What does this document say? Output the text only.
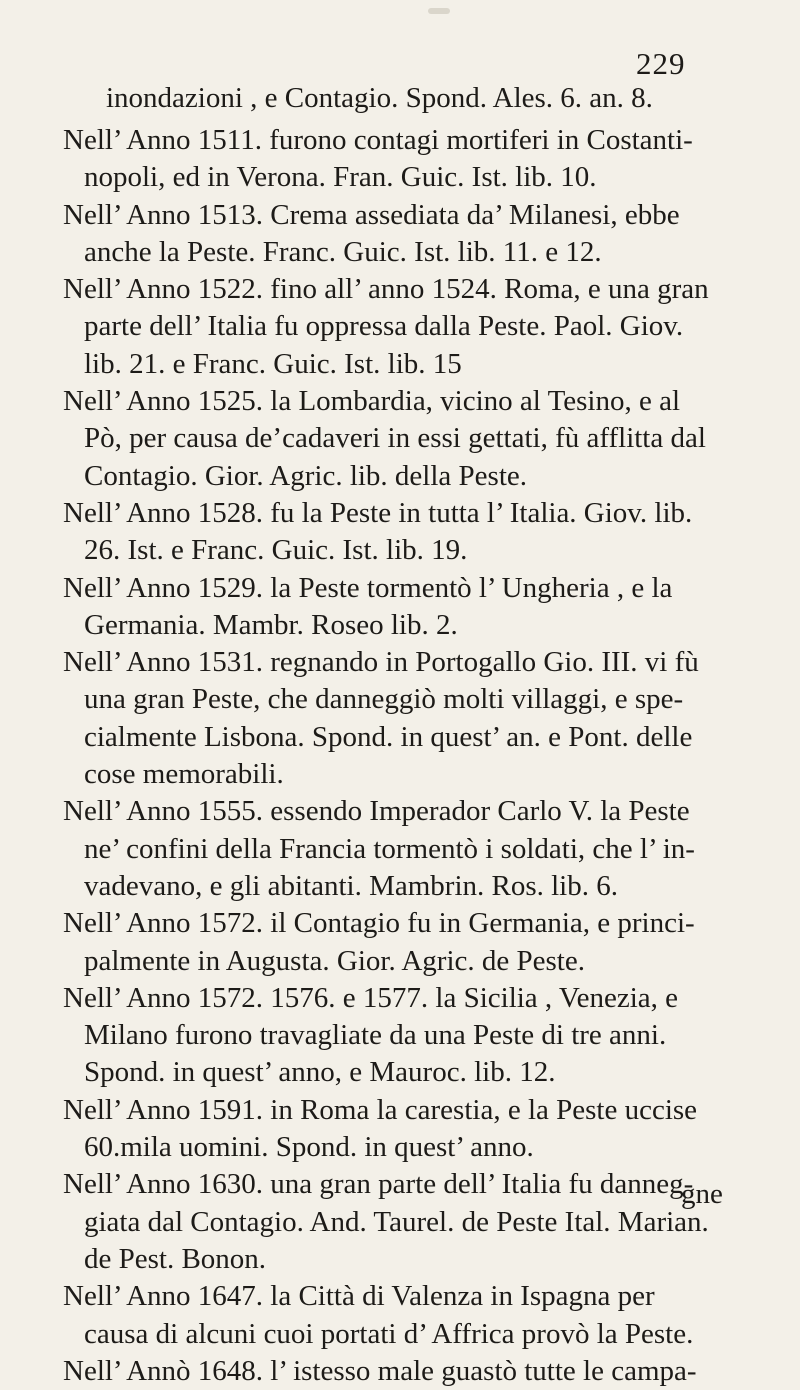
229
inondazioni , e Contagio. Spond. Ales. 6. an. 8.

Nell’ Anno 1511. furono contagi mortiferi in Costanti-
nopoli, ed in Verona. Fran. Guic. Ist. lib. 10.

Nell’ Anno 1513. Crema assediata da’ Milanesi, ebbe
anche la Peste. Franc. Guic. Ist. lib. 11. e 12.

Nell’ Anno 1522. fino all’ anno 1524. Roma, e una gran
parte dell’ Italia fu oppressa dalla Peste. Paol. Giov.
lib. 21. e Franc. Guic. Ist. lib. 15

Nell’ Anno 1525. la Lombardia, vicino al Tesino, e al
Pò, per causa de’cadaveri in essi gettati, fù afflitta dal
Contagio. Gior. Agric. lib. della Peste.

Nell’ Anno 1528. fu la Peste in tutta l’ Italia. Giov. lib.
26. Ist. e Franc. Guic. Ist. lib. 19.

Nell’ Anno 1529. la Peste tormentò l’ Ungheria , e la
Germania. Mambr. Roseo lib. 2.

Nell’ Anno 1531. regnando in Portogallo Gio. III. vi fù
una gran Peste, che danneggiò molti villaggi, e spe-
cialmente Lisbona. Spond. in quest’ an. e Pont. delle
cose memorabili.

Nell’ Anno 1555. essendo Imperador Carlo V. la Peste
ne’ confini della Francia tormentò i soldati, che l’ in-
vadevano, e gli abitanti. Mambrin. Ros. lib. 6.

Nell’ Anno 1572. il Contagio fu in Germania, e princi-
palmente in Augusta. Gior. Agric. de Peste.

Nell’ Anno 1572. 1576. e 1577. la Sicilia , Venezia, e
Milano furono travagliate da una Peste di tre anni.
Spond. in quest’ anno, e Mauroc. lib. 12.

Nell’ Anno 1591. in Roma la carestia, e la Peste uccise
60.mila uomini. Spond. in quest’ anno.

Nell’ Anno 1630. una gran parte dell’ Italia fu danneg-
giata dal Contagio. And. Taurel. de Peste Ital. Marian.
de Pest. Bonon.

Nell’ Anno 1647. la Città di Valenza in Ispagna per
causa di alcuni cuoi portati d’ Affrica provò la Peste.

Nell’ Annò 1648. l’ istesso male guastò tutte le campa-

gne
